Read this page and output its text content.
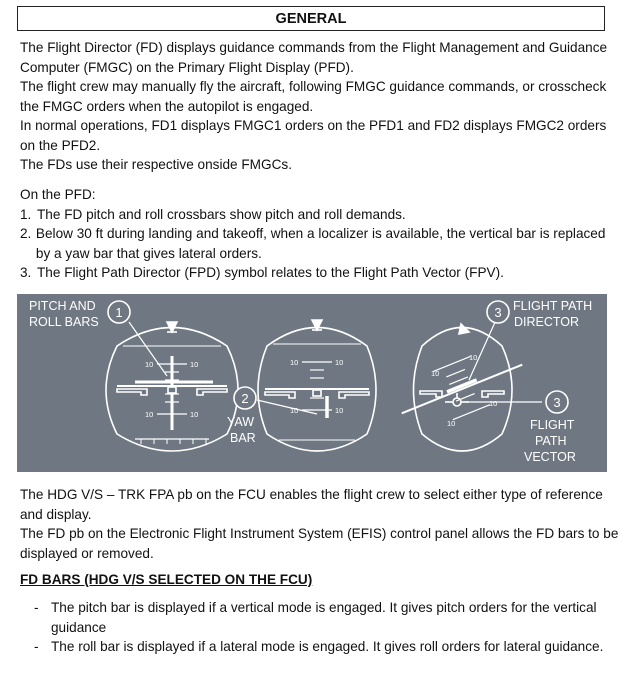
GENERAL

The Flight Director (FD) displays guidance commands from the Flight Management and Guidance Computer (FMGC) on the Primary Flight Display (PFD).

The flight crew may manually fly the aircraft, following FMGC guidance commands, or crosscheck the FMGC orders when the autopilot is engaged.

In normal operations, FD1 displays FMGC1 orders on the PFD1 and FD2 displays FMGC2 orders on the PFD2.

The FDs use their respective onside FMGCs.

On the PFD:

1. The FD pitch and roll crossbars show pitch and roll demands.
2. Below 30 ft during landing and takeoff, when a localizer is available, the vertical bar is replaced by a yaw bar that gives lateral orders.
3. The Flight Path Director (FPD) symbol relates to the Flight Path Vector (FPV).
PITCH AND
ROLL BARS
YAW
BAR
FLIGHT PATH
DIRECTOR
FLIGHT
PATH
VECTOR
1
2
3
3
10	10
10	10
10	10
10	10
10
10
10
10

The HDG V/S – TRK FPA pb on the FCU enables the flight crew to select either type of reference and display.

The FD pb on the Electronic Flight Instrument System (EFIS) control panel allows the FD bars to be displayed or removed.

FD BARS (HDG V/S SELECTED ON THE FCU)
- The pitch bar is displayed if a vertical mode is engaged. It gives pitch orders for the vertical guidance
- The roll bar is displayed if a lateral mode is engaged. It gives roll orders for lateral guidance.
